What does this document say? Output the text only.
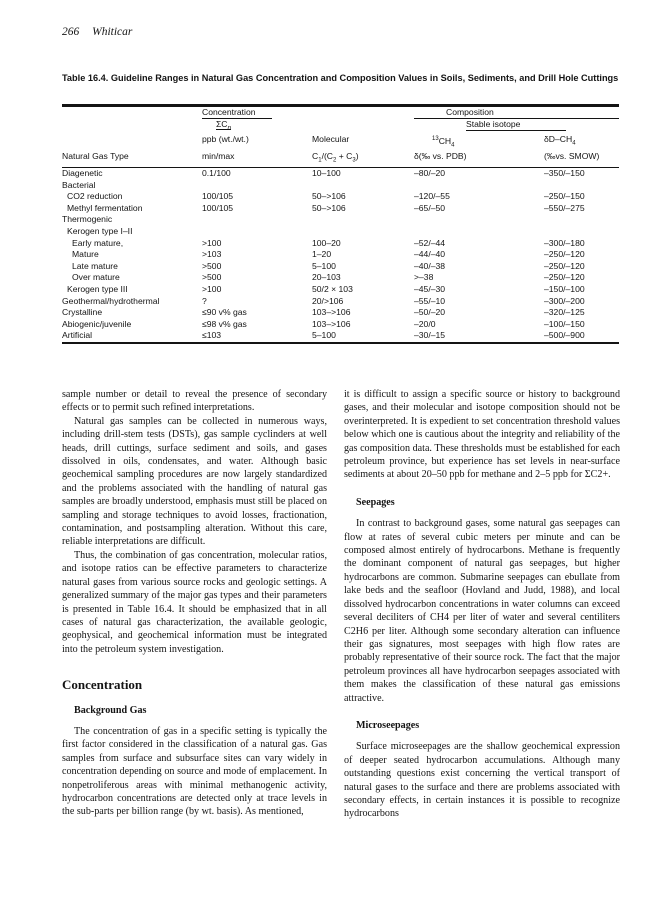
266 Whiticar
Table 16.4. Guideline Ranges in Natural Gas Concentration and Composition Values in Soils, Sediments, and Drill Hole Cuttings
	Concentration		Composition	
	$\Sigma C_n$		Stable isotope	
	ppb (wt./wt.)	Molecular	$^{13}CH_4$	$\delta D-CH_4$
Natural Gas Type	min/max	$C_1/(C_2 + C_3)$	δ(‰ vs. PDB)	(‰vs. SMOW)
Diagenetic	0.1/100	10–100	–80/–20	–350/–150
Bacterial				
CO2 reduction	100/105	50–>106	–120/–55	–250/–150
Methyl fermentation	100/105	50–>106	–65/–50	–550/–275
Thermogenic				
Kerogen type I–II				
Early mature,	>100	100–20	–52/–44	–300/–180
Mature	>103	1–20	–44/–40	–250/–120
Late mature	>500	5–100	–40/–38	–250/–120
Over mature	>500	20–103	>–38	–250/–120
Kerogen type III	>100	50/2 × 103	–45/–30	–150/–100
Geothermal/hydrothermal	?	20/>106	–55/–10	–300/–200
Crystalline	≤90 v% gas	103–>106	–50/–20	–320/–125
Abiogenic/juvenile	≤98 v% gas	103–>106	–20/0	–100/–150
Artificial	≤103	5–100	–30/–15	–500/–900

sample number or detail to reveal the presence of secondary effects or to permit such refined interpretations.

Natural gas samples can be collected in numerous ways, including drill-stem tests (DSTs), gas sample cyclinders at well heads, drill cuttings, surface sediment and soils, and gases dissolved in oils, condensates, and water. Although basic geochemical sampling procedures are now largely standardized and the problems associated with the handling of natural gas samples are broadly understood, emphasis must still be placed on sampling and storage techniques to avoid losses, fractionation, contamination, and postsampling alteration. Without this care, reliable interpretations are difficult.

Thus, the combination of gas concentration, molecular ratios, and isotope ratios can be effective parameters to characterize natural gases from various source rocks and geologic settings. A generalized summary of the major gas types and their parameters is presented in Table 16.4. It should be emphasized that in all cases of natural gas characterization, the available geologic, geophysical, and geochemical information must be integrated into the petroleum system investigation.

Concentration
Background Gas

The concentration of gas in a specific setting is typically the first factor considered in the classification of a natural gas. Gas samples from surface and subsurface sites can vary widely in concentration depending on source and mode of emplacement. In nonpetroliferous areas with minimal methanogenic activity, hydrocarbon concentrations are detected only at trace levels in the sub-parts per billion range (by wt. basis). As mentioned,

it is difficult to assign a specific source or history to background gases, and their molecular and isotope composition should not be overinterpreted. It is expedient to set concentration threshold values below which one is cautious about the integrity and reliability of the gas composition data. These thresholds must be established for each petroleum province, but experience has set levels in near-surface sediments at about 20–50 ppb for methane and 2–5 ppb for ΣC2+.

Seepages

In contrast to background gases, some natural gas seepages can flow at rates of several cubic meters per minute and can be composed almost entirely of hydrocarbons. Methane is frequently the dominant component of natural gas seepages, but higher hydrocarbons are common. Submarine seepages can ebullate from lake beds and the seafloor (Hovland and Judd, 1988), and local dissolved hydrocarbon concentrations in water columns can exceed several deciliters of CH4 per liter of water and several centiliters C2H6 per liter. Although some secondary alteration can influence their gas signatures, most seepages with high flow rates are probably representative of their source rock. The fact that the major petroleum provinces all have hydrocarbon seepages associated with them makes the classification of these natural gas emissions attractive.

Microseepages

Surface microseepages are the shallow geochemical expression of deeper seated hydrocarbon accumulations. Although many outstanding questions exist concerning the vertical transport of natural gases to the surface and there are problems associated with secondary effects, in certain instances it is possible to recognize hydrocarbons
